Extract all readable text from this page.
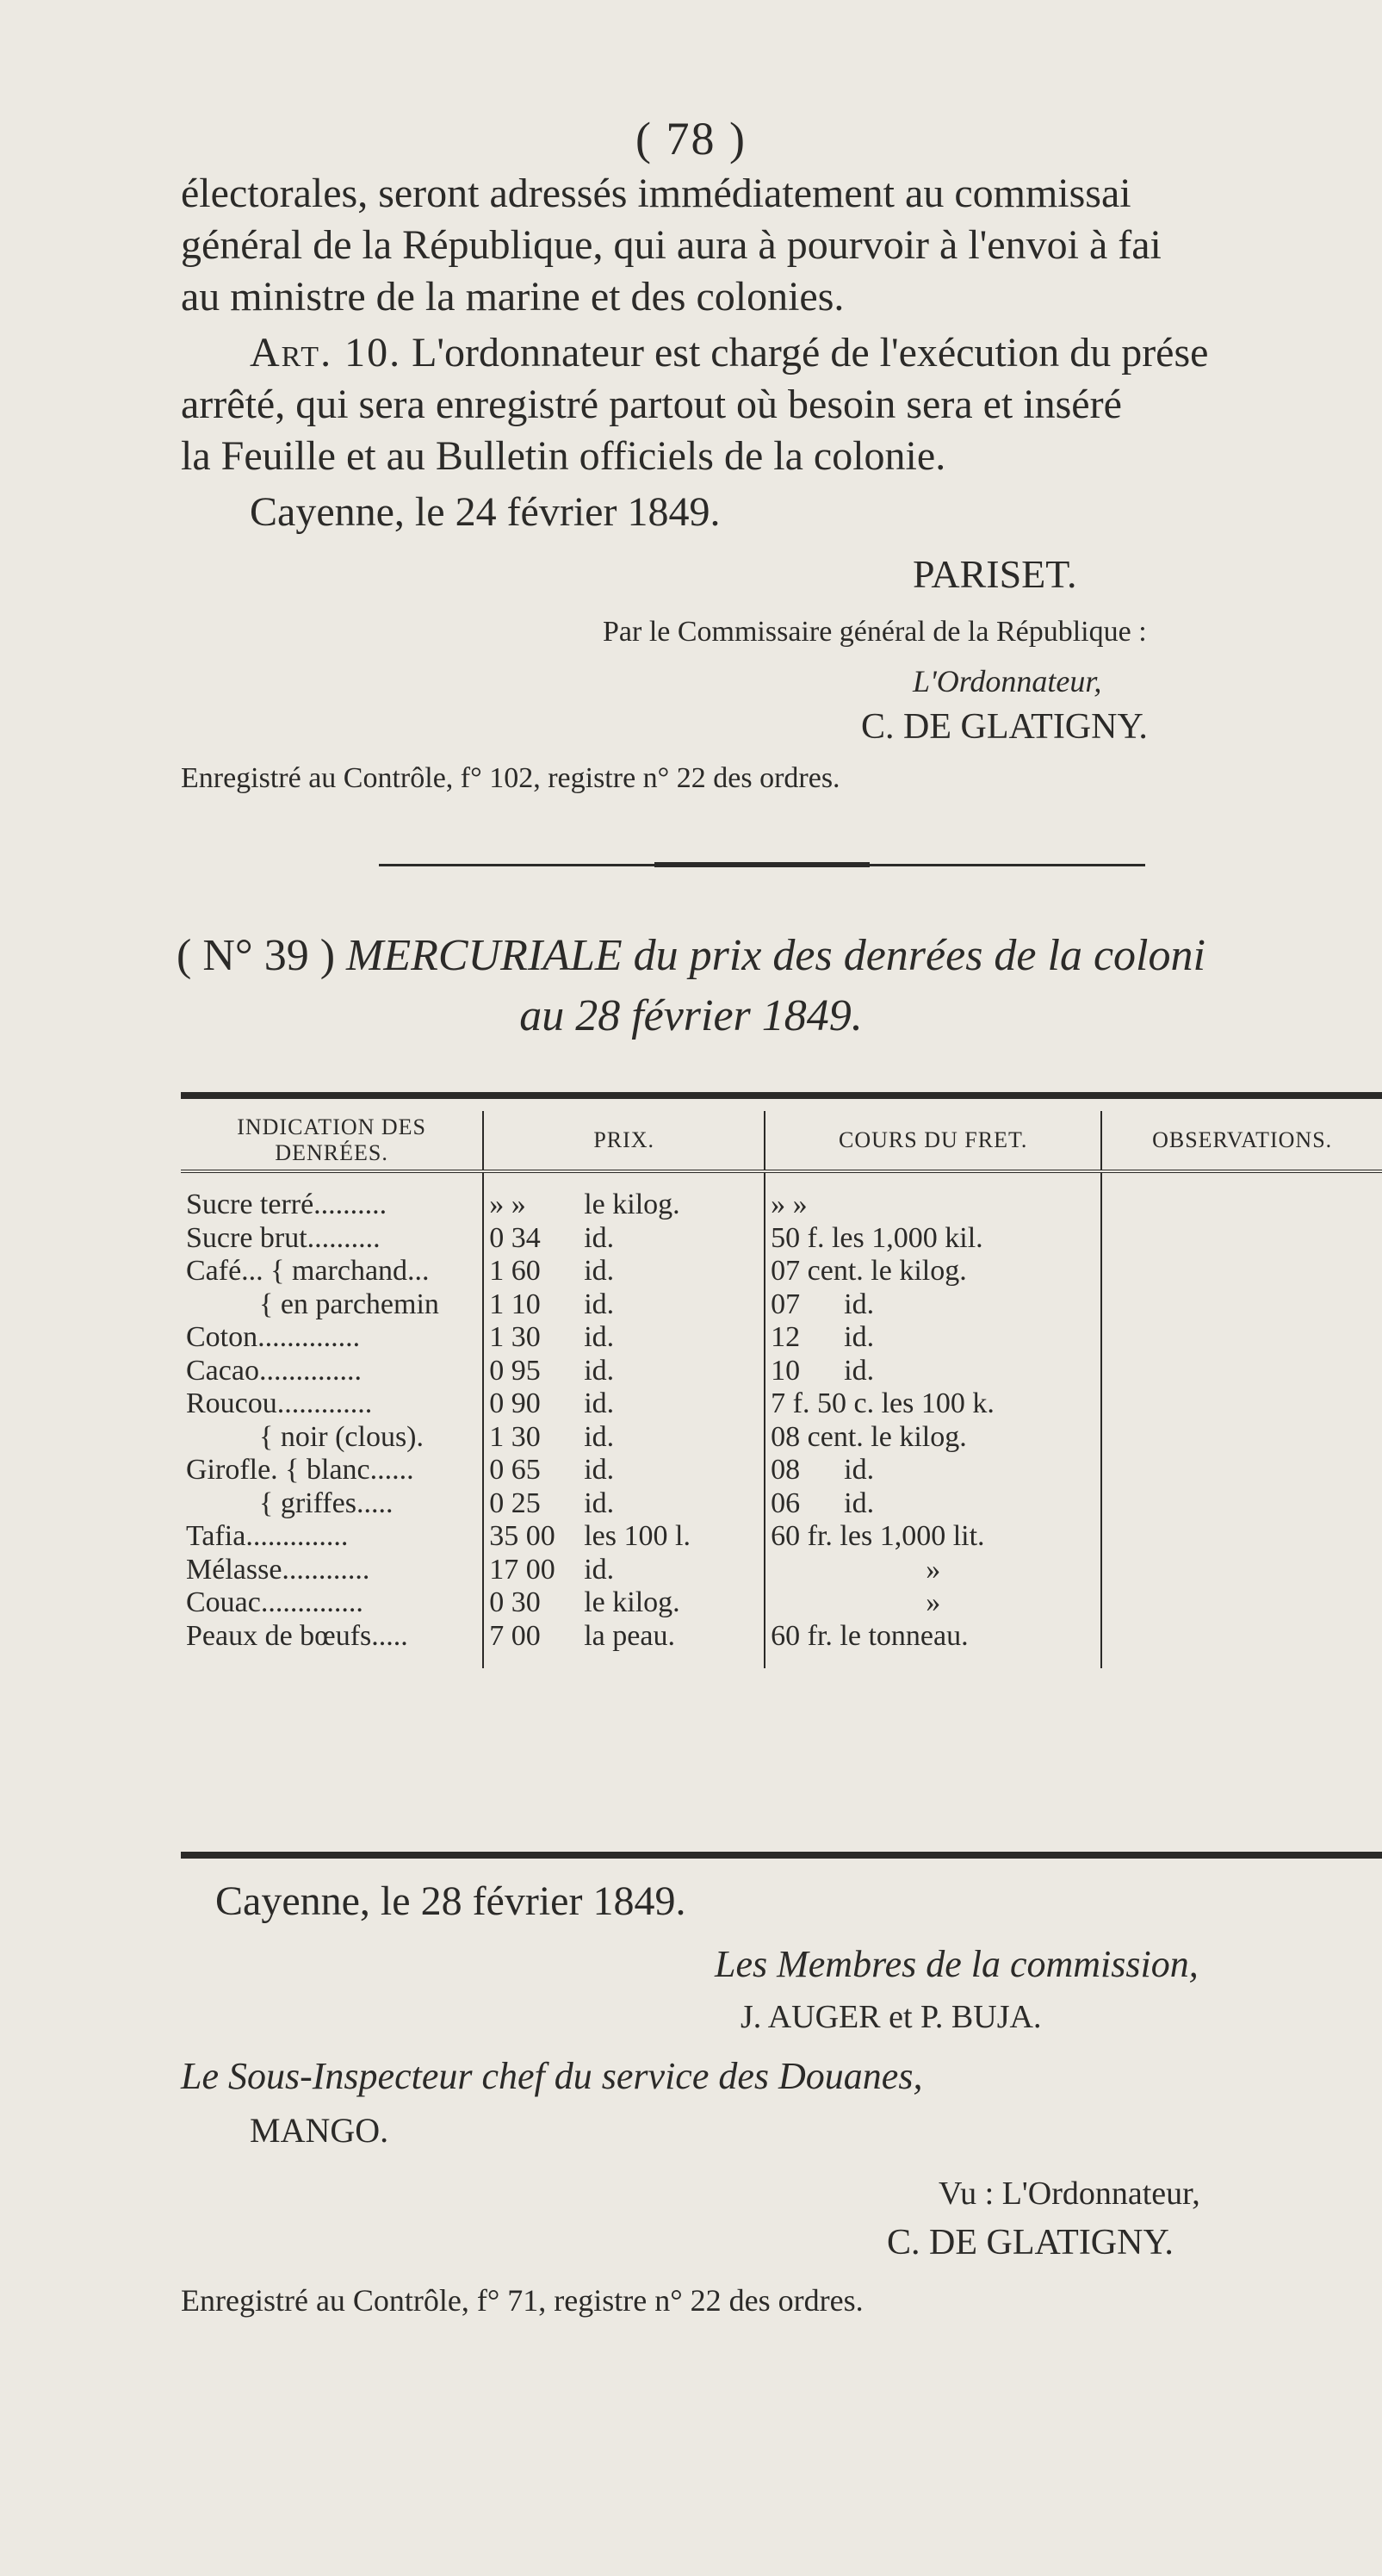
( 78 )
électorales, seront adressés immédiatement au commissai
général de la République, qui aura à pourvoir à l'envoi à fai
au ministre de la marine et des colonies.
Art. 10. L'ordonnateur est chargé de l'exécution du prése
arrêté, qui sera enregistré partout où besoin sera et inséré
la Feuille et au Bulletin officiels de la colonie.
Cayenne, le 24 février 1849.
PARISET.
Par le Commissaire général de la République :
L'Ordonnateur,
C. DE GLATIGNY.
Enregistré au Contrôle, f° 102, registre n° 22 des ordres.
( N° 39 ) MERCURIALE du prix des denrées de la coloni
au 28 février 1849.
INDICATION DES DENRÉES.	PRIX.	COURS DU FRET.	OBSERVATIONS.
Sucre terré..........	» » le kilog.	» »	
Sucre brut..........	0 34 id.	50 f. les 1,000 kil.	
Café... { marchand...	1 60 id.	07 cent. le kilog.	
{ en parchemin	1 10 id.	07      id.	
Coton..............	1 30 id.	12      id.	
Cacao..............	0 95 id.	10      id.	
Roucou.............	0 90 id.	7 f. 50 c. les 100 k.	
{ noir (clous).	1 30 id.	08 cent. le kilog.	
Girofle. { blanc......	0 65 id.	08      id.	
{ griffes.....	0 25 id.	06      id.	
Tafia..............	35 00 les 100 l.	60 fr. les 1,000 lit.	
Mélasse............	17 00 id.	»	
Couac..............	0 30 le kilog.	»	
Peaux de bœufs.....	7 00 la peau.	60 fr. le tonneau.	
Cayenne, le 28 février 1849.
Les Membres de la commission,
J. AUGER et P. BUJA.
Le Sous-Inspecteur chef du service des Douanes,
MANGO.
Vu : L'Ordonnateur,
C. DE GLATIGNY.
Enregistré au Contrôle, f° 71, registre n° 22 des ordres.
